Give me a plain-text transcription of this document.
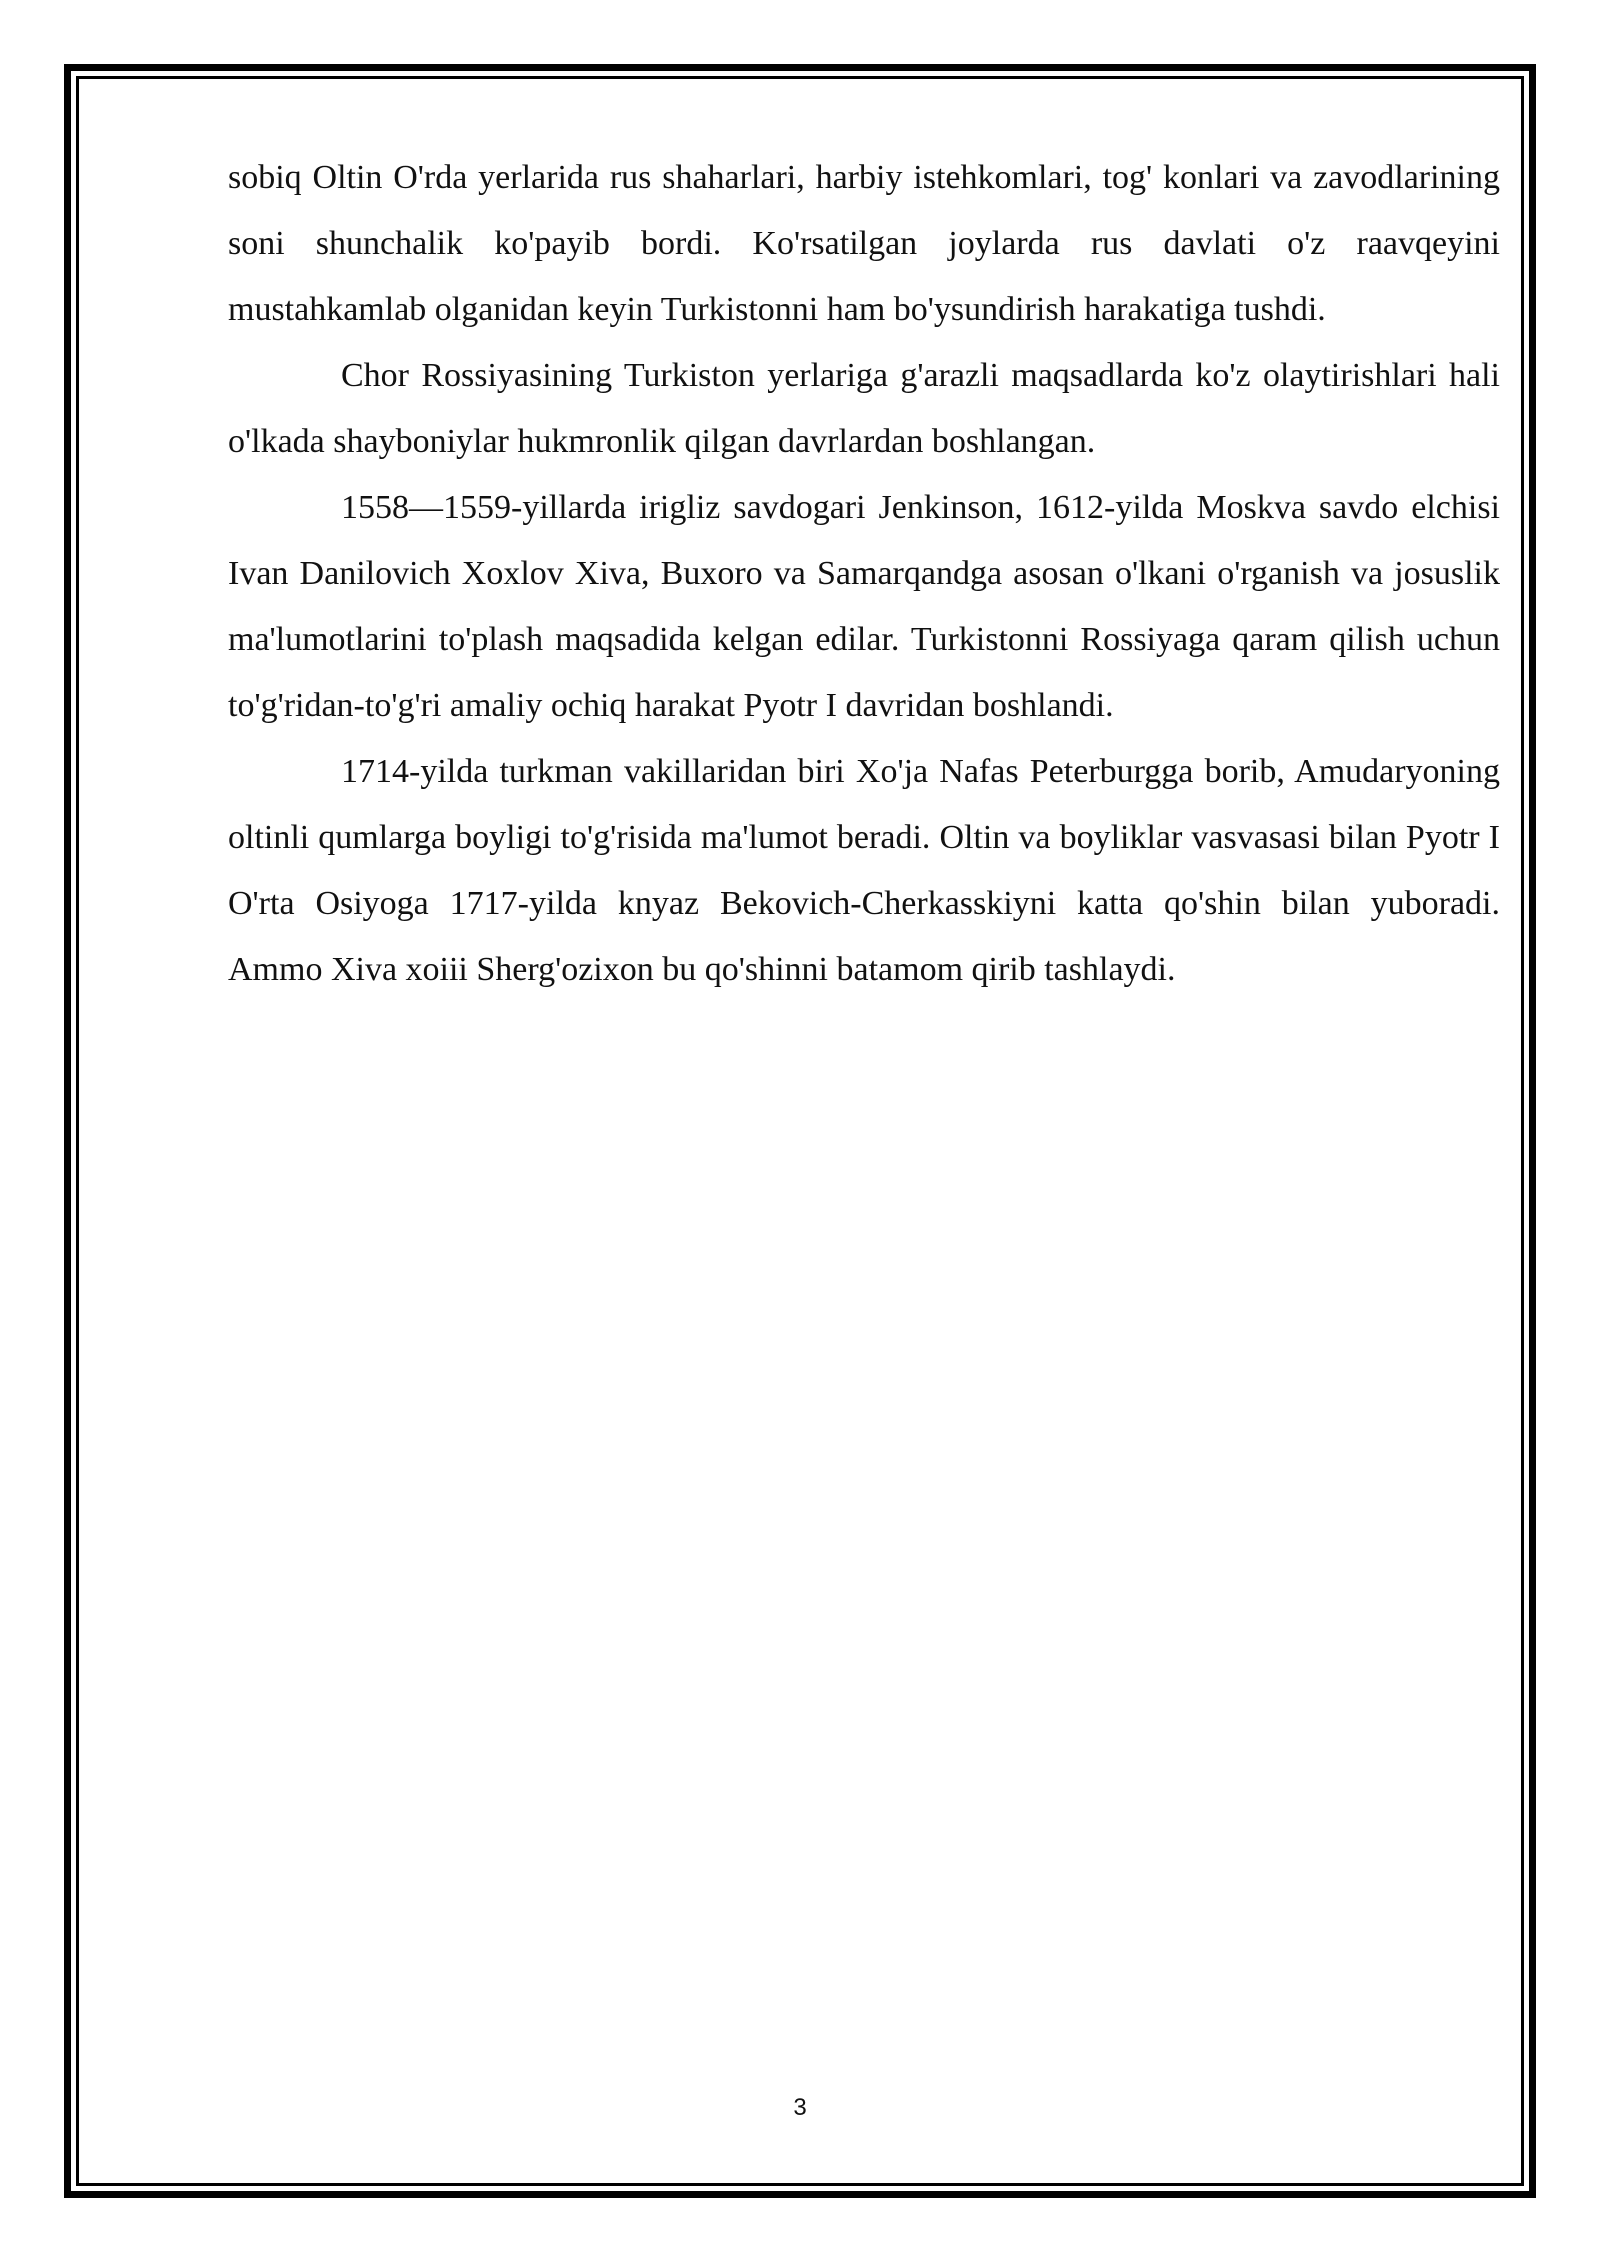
sobiq Oltin O'rda yerlarida rus shaharlari, harbiy istehkomlari, tog' konlari va zavodlarining soni shunchalik ko'payib bordi. Ko'rsatilgan joylarda rus davlati o'z raavqeyini mustahkamlab olganidan keyin Turkistonni ham bo'ysundirish harakatiga tushdi.

Chor Rossiyasining Turkiston yerlariga g'arazli maqsadlarda ko'z olaytirishlari hali o'lkada shayboniylar hukmronlik qilgan davrlardan boshlangan.

1558—1559-yillarda irigliz savdogari Jenkinson, 1612-yilda Moskva savdo elchisi Ivan Danilovich Xoxlov Xiva, Buxoro va Samarqandga asosan o'lkani o'rganish va josuslik ma'lumotlarini to'plash maqsadida kelgan edilar. Turkistonni Rossiyaga qaram qilish uchun to'g'ridan-to'g'ri amaliy ochiq harakat Pyotr I davridan boshlandi.

1714-yilda turkman vakillaridan biri Xo'ja Nafas Peterburgga borib, Amudaryoning oltinli qumlarga boyligi to'g'risida ma'lumot beradi. Oltin va boyliklar vasvasasi bilan Pyotr I O'rta Osiyoga 1717-yilda knyaz Bekovich-Cherkasskiyni katta qo'shin bilan yuboradi. Ammo Xiva xoiii Sherg'ozixon bu qo'shinni batamom qirib tashlaydi.

3
